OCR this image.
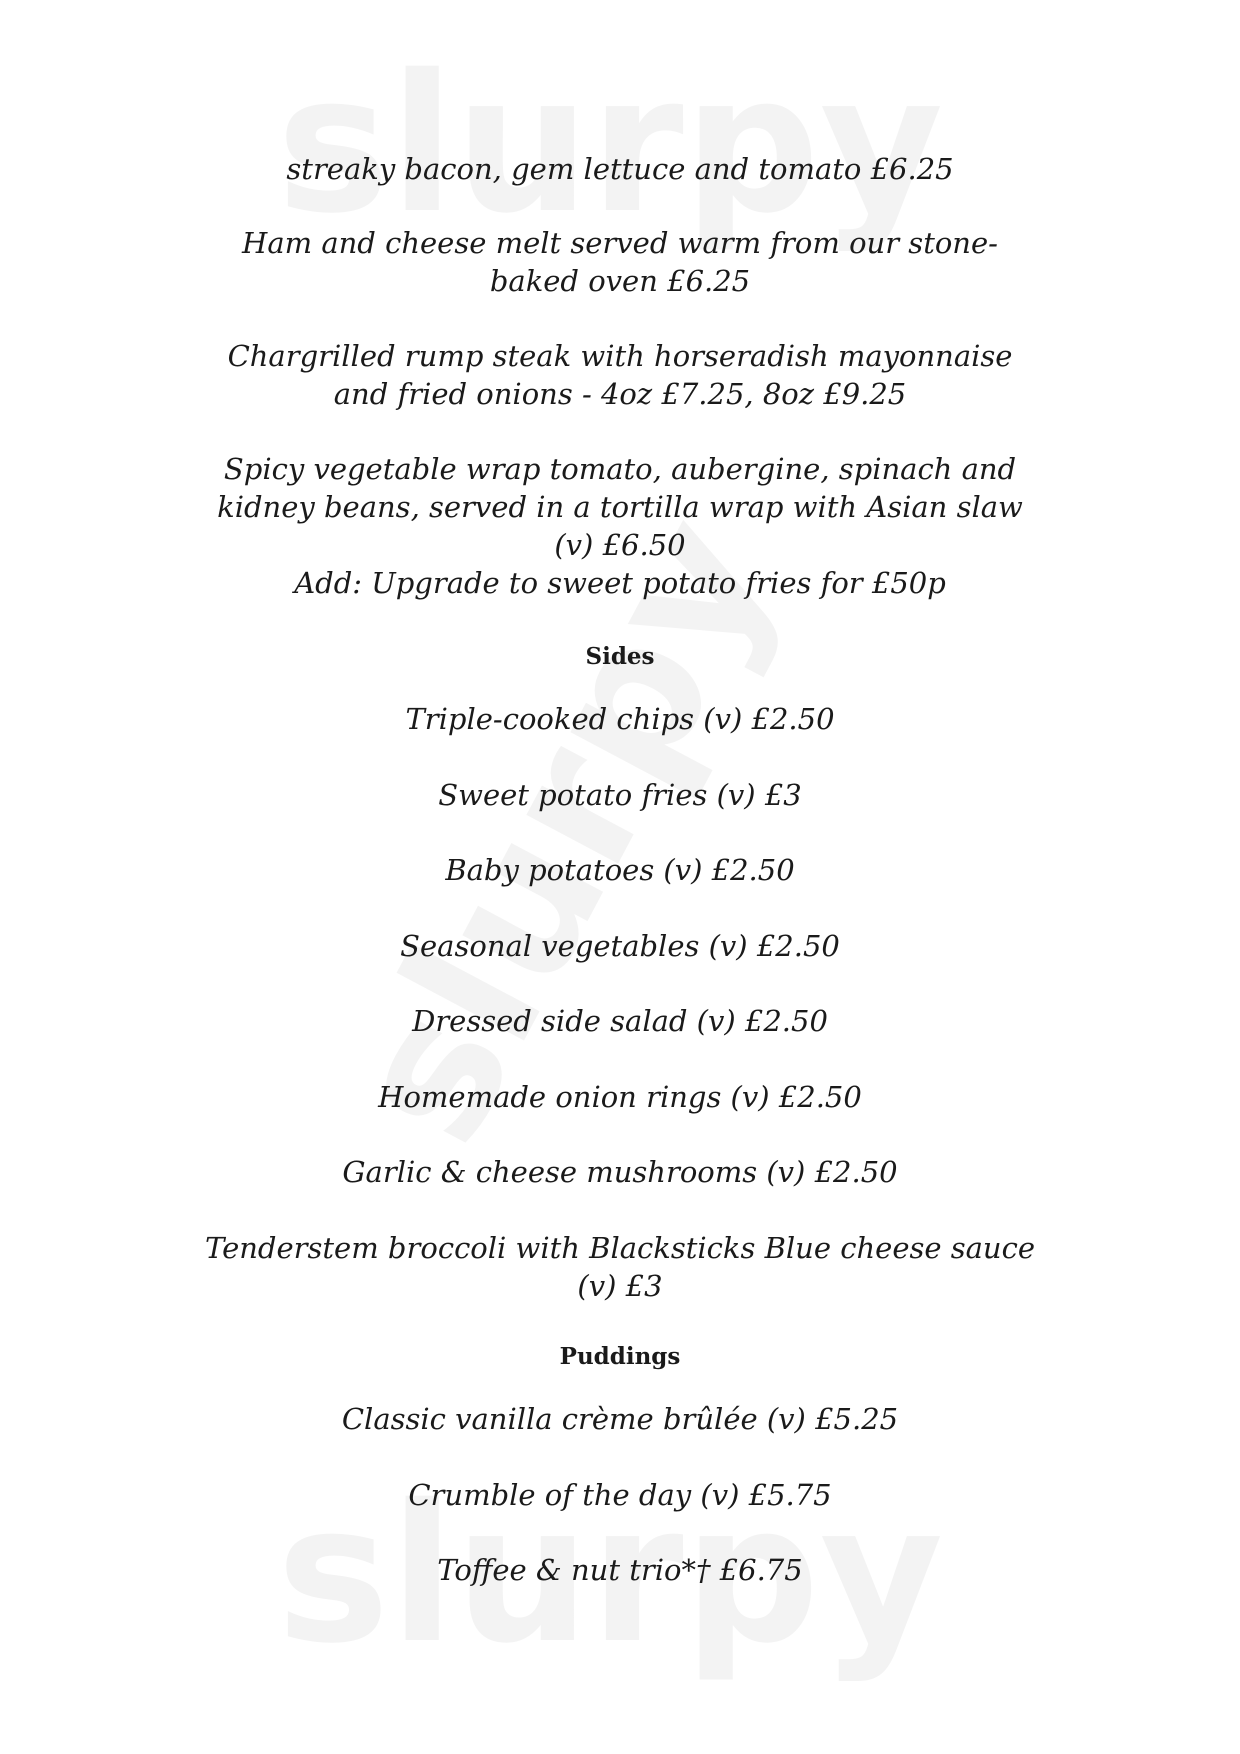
streaky bacon, gem lettuce and tomato £6.25
Ham and cheese melt served warm from our stone-
baked oven £6.25
Chargrilled rump steak with horseradish mayonnaise
and fried onions - 4oz £7.25, 8oz £9.25
Spicy vegetable wrap tomato, aubergine, spinach and
kidney beans, served in a tortilla wrap with Asian slaw
(v) £6.50
Add: Upgrade to sweet potato fries for £50p
Sides
Triple-cooked chips (v) £2.50
Sweet potato fries (v) £3
Baby potatoes (v) £2.50
Seasonal vegetables (v) £2.50
Dressed side salad (v) £2.50
Homemade onion rings (v) £2.50
Garlic & cheese mushrooms (v) £2.50
Tenderstem broccoli with Blacksticks Blue cheese sauce
(v) £3
Puddings
Classic vanilla crème brûlée (v) £5.25
Crumble of the day (v) £5.75
Toffee & nut trio*† £6.75
